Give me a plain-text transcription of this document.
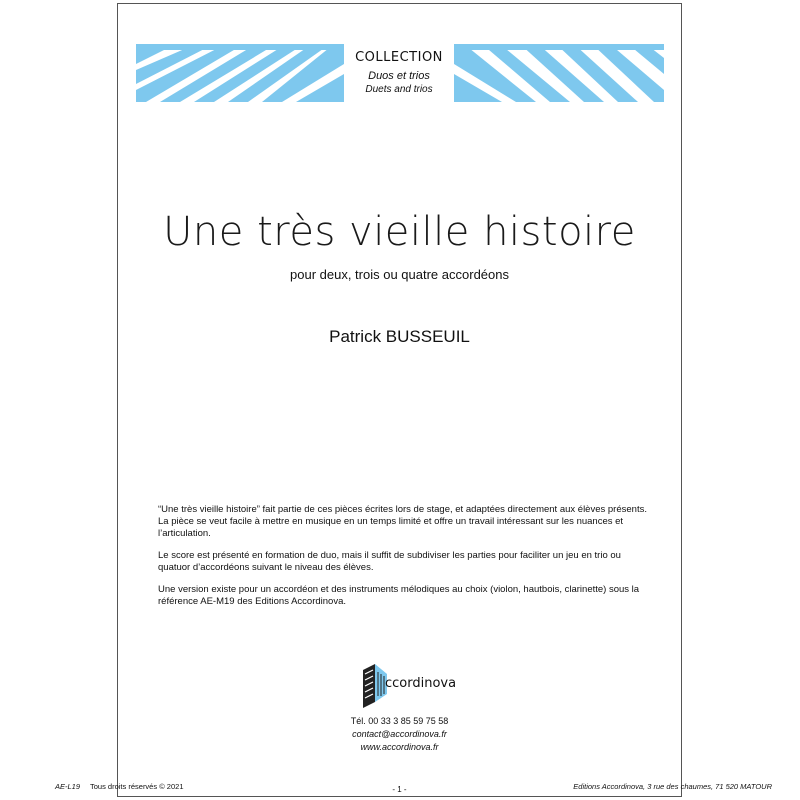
COLLECTION
Duos et trios
Duets and trios
Une très vieille histoire
pour deux, trois ou quatre accordéons
Patrick BUSSEUIL

“Une très vieille histoire” fait partie de ces pièces écrites lors de stage, et adaptées directement aux élèves présents. La pièce se veut facile à mettre en musique en un temps limité et offre un travail intéressant sur les nuances et l’articulation.

Le score est présenté en formation de duo, mais il suffit de subdiviser les parties pour faciliter un jeu en trio ou quatuor d’accordéons suivant le niveau des élèves.

Une version existe pour un accordéon et des instruments mélodiques au choix (violon, hautbois, clarinette) sous la référence AE-M19 des Editions Accordinova.

ccordinova
Tél. 00 33 3 85 59 75 58
contact@accordinova.fr
www.accordinova.fr
- 1 -
AE-L19 Tous droits réservés © 2021	Editions Accordinova, 3 rue des chaumes, 71 520 MATOUR
